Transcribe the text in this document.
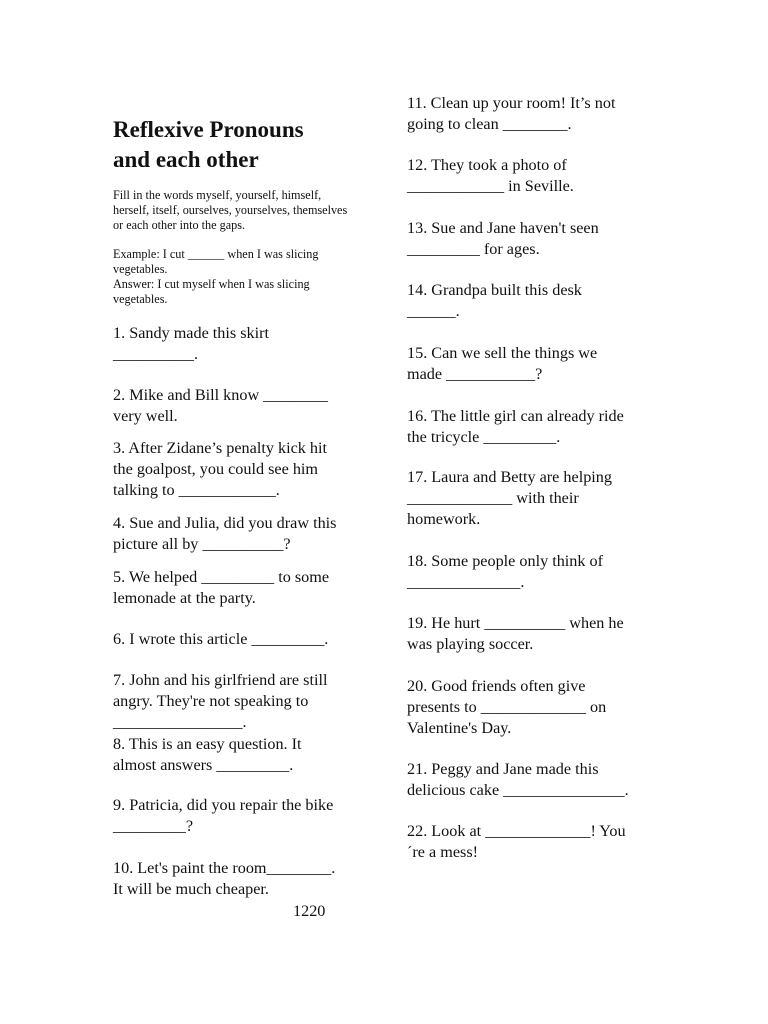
Reflexive Pronouns
and each other

Fill in the words myself, yourself, himself,
herself, itself, ourselves, yourselves, themselves
or each other into the gaps.

Example: I cut ______ when I was slicing
vegetables.
Answer: I cut myself when I was slicing
vegetables.

1. Sandy made this skirt
__________.

2. Mike and Bill know ________
very well.

3. After Zidane’s penalty kick hit
the goalpost, you could see him
talking to ____________.

4. Sue and Julia, did you draw this
picture all by __________?

5. We helped _________ to some
lemonade at the party.

6. I wrote this article _________.

7. John and his girlfriend are still
angry. They're not speaking to
________________.

8. This is an easy question. It
almost answers _________.

9. Patricia, did you repair the bike
_________?

10. Let's paint the room________.
It will be much cheaper.

11. Clean up your room! It’s not
going to clean ________.

12. They took a photo of
____________ in Seville.

13. Sue and Jane haven't seen
_________ for ages.

14. Grandpa built this desk
______.

15. Can we sell the things we
made ___________?

16. The little girl can already ride
the tricycle _________.

17. Laura and Betty are helping
_____________ with their
homework.

18. Some people only think of
______________.

19. He hurt __________ when he
was playing soccer.

20. Good friends often give
presents to _____________ on
Valentine's Day.

21. Peggy and Jane made this
delicious cake _______________.

22. Look at _____________! You
´re a mess!

1220
